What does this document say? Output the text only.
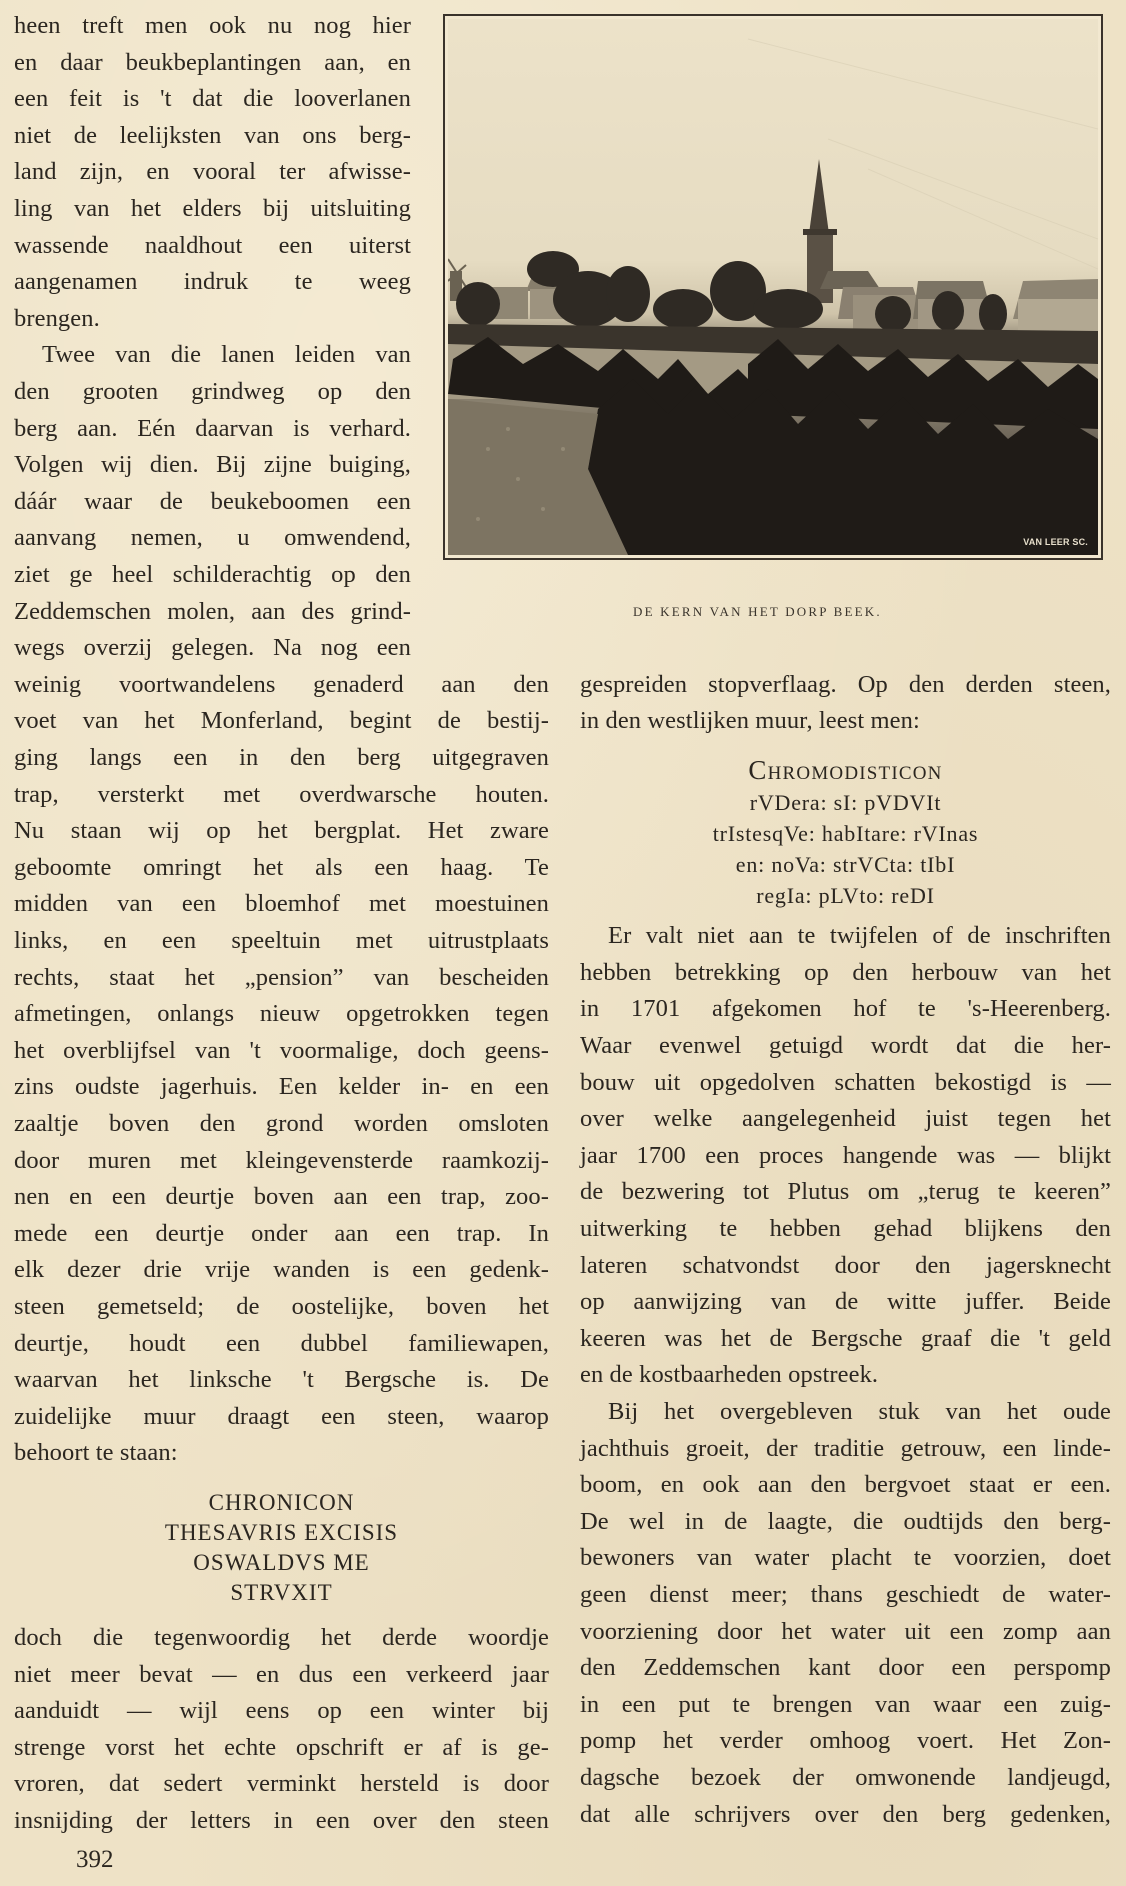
VAN LEER SC.
DE KERN VAN HET DORP BEEK.
heen treft men ook nu nog hier
en daar beukbeplantingen aan, en
een feit is 't dat die looverlanen
niet de leelijksten van ons berg-
land zijn, en vooral ter afwisse-
ling van het elders bij uitsluiting
wassende naaldhout een uiterst
aangenamen indruk te weeg
brengen.
Twee van die lanen leiden van
den grooten grindweg op den
berg aan. Eén daarvan is verhard.
Volgen wij dien. Bij zijne buiging,
dáár waar de beukeboomen een
aanvang nemen, u omwendend,
ziet ge heel schilderachtig op den
Zeddemschen molen, aan des grind-
wegs overzij gelegen. Na nog een
weinig voortwandelens genaderd aan den
voet van het Monferland, begint de bestij-
ging langs een in den berg uitgegraven
trap, versterkt met overdwarsche houten.
Nu staan wij op het bergplat. Het zware
geboomte omringt het als een haag. Te
midden van een bloemhof met moestuinen
links, en een speeltuin met uitrustplaats
rechts, staat het „pension” van bescheiden
afmetingen, onlangs nieuw opgetrokken tegen
het overblijfsel van 't voormalige, doch geens-
zins oudste jagerhuis. Een kelder in- en een
zaaltje boven den grond worden omsloten
door muren met kleingevensterde raamkozij-
nen en een deurtje boven aan een trap, zoo-
mede een deurtje onder aan een trap. In
elk dezer drie vrije wanden is een gedenk-
steen gemetseld; de oostelijke, boven het
deurtje, houdt een dubbel familiewapen,
waarvan het linksche 't Bergsche is. De
zuidelijke muur draagt een steen, waarop
behoort te staan:
CHRONICON
THESAVRIS EXCISIS
OSWALDVS ME
STRVXIT
doch die tegenwoordig het derde woordje
niet meer bevat — en dus een verkeerd jaar
aanduidt — wijl eens op een winter bij
strenge vorst het echte opschrift er af is ge-
vroren, dat sedert verminkt hersteld is door
insnijding der letters in een over den steen
gespreiden stopverflaag. Op den derden steen,
in den westlijken muur, leest men:
Chromodisticon
rVDera: sI: pVDVIt
trIstesqVe: habItare: rVInas
en: noVa: strVCta: tIbI
regIa: pLVto: reDI
Er valt niet aan te twijfelen of de inschriften
hebben betrekking op den herbouw van het
in 1701 afgekomen hof te 's-Heerenberg.
Waar evenwel getuigd wordt dat die her-
bouw uit opgedolven schatten bekostigd is —
over welke aangelegenheid juist tegen het
jaar 1700 een proces hangende was — blijkt
de bezwering tot Plutus om „terug te keeren”
uitwerking te hebben gehad blijkens den
lateren schatvondst door den jagersknecht
op aanwijzing van de witte juffer. Beide
keeren was het de Bergsche graaf die 't geld
en de kostbaarheden opstreek.
Bij het overgebleven stuk van het oude
jachthuis groeit, der traditie getrouw, een linde-
boom, en ook aan den bergvoet staat er een.
De wel in de laagte, die oudtijds den berg-
bewoners van water placht te voorzien, doet
geen dienst meer; thans geschiedt de water-
voorziening door het water uit een zomp aan
den Zeddemschen kant door een perspomp
in een put te brengen van waar een zuig-
pomp het verder omhoog voert. Het Zon-
dagsche bezoek der omwonende landjeugd,
dat alle schrijvers over den berg gedenken,
392
